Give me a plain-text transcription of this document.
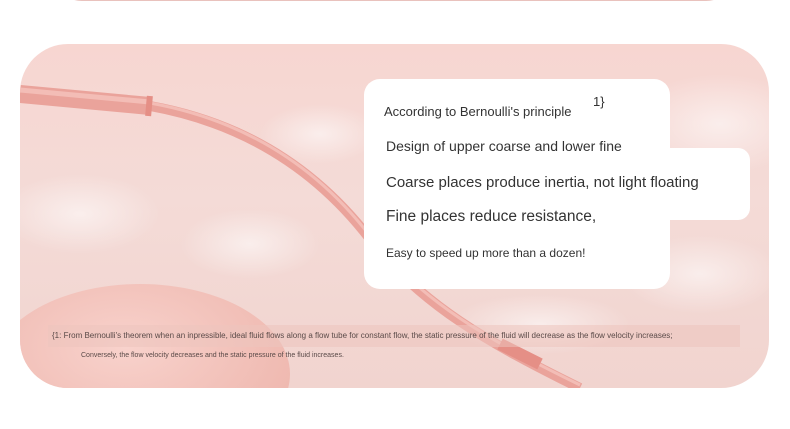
According to Bernoulli's principle
1}
Design of upper coarse and lower fine
Coarse places produce inertia, not light floating
Fine places reduce resistance,
Easy to speed up more than a dozen!
{1: From Bernoulli's theorem when an inpressible, ideal fluid flows along a flow tube for constant flow, the static pressure of the fluid will decrease as the flow velocity increases;
Conversely, the flow velocity decreases and the static pressure of the fluid increases.
